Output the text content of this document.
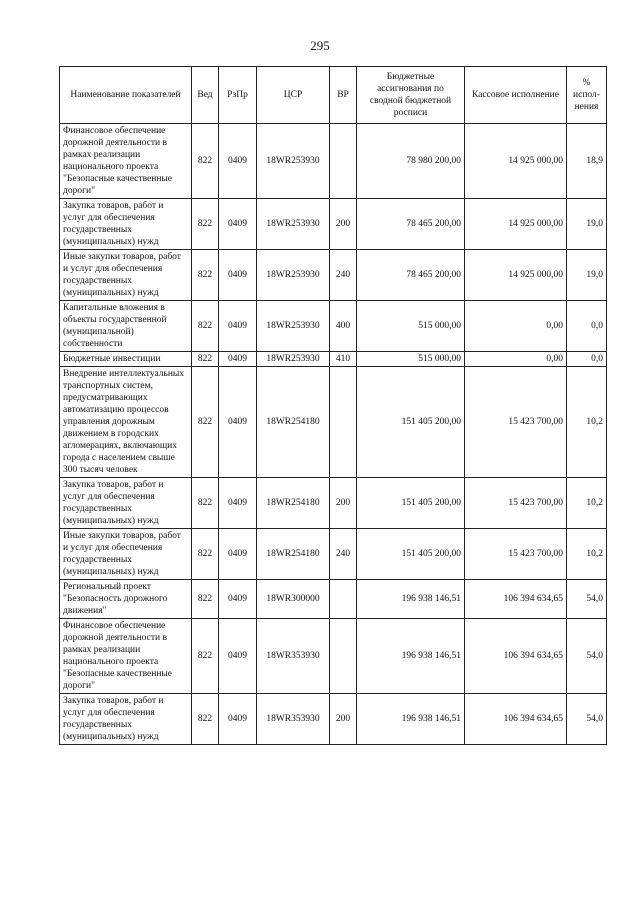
295
Наименование показателей	Вед	РзПр	ЦСР	ВР	Бюджетные ассигнования по сводной бюджетной росписи	Кассовое исполнение	% испол-нения
Финансовое обеспечение дорожной деятельности в рамках реализации национального проекта "Безопасные качественные дороги"	822	0409	18WR253930		78 980 200,00	14 925 000,00	18,9
Закупка товаров, работ и услуг для обеспечения государственных (муниципальных) нужд	822	0409	18WR253930	200	78 465 200,00	14 925 000,00	19,0
Иные закупки товаров, работ и услуг для обеспечения государственных (муниципальных) нужд	822	0409	18WR253930	240	78 465 200,00	14 925 000,00	19,0
Капитальные вложения в объекты государственной (муниципальной) собственности	822	0409	18WR253930	400	515 000,00	0,00	0,0
Бюджетные инвестиции	822	0409	18WR253930	410	515 000,00	0,00	0,0
Внедрение интеллектуальных транспортных систем, предусматривающих автоматизацию процессов управления дорожным движением в городских агломерациях, включающих города с населением свыше 300 тысяч человек	822	0409	18WR254180		151 405 200,00	15 423 700,00	10,2
Закупка товаров, работ и услуг для обеспечения государственных (муниципальных) нужд	822	0409	18WR254180	200	151 405 200,00	15 423 700,00	10,2
Иные закупки товаров, работ и услуг для обеспечения государственных (муниципальных) нужд	822	0409	18WR254180	240	151 405 200,00	15 423 700,00	10,2
Региональный проект "Безопасность дорожного движения"	822	0409	18WR300000		196 938 146,51	106 394 634,65	54,0
Финансовое обеспечение дорожной деятельности в рамках реализации национального проекта "Безопасные качественные дороги"	822	0409	18WR353930		196 938 146,51	106 394 634,65	54,0
Закупка товаров, работ и услуг для обеспечения государственных (муниципальных) нужд	822	0409	18WR353930	200	196 938 146,51	106 394 634,65	54,0
